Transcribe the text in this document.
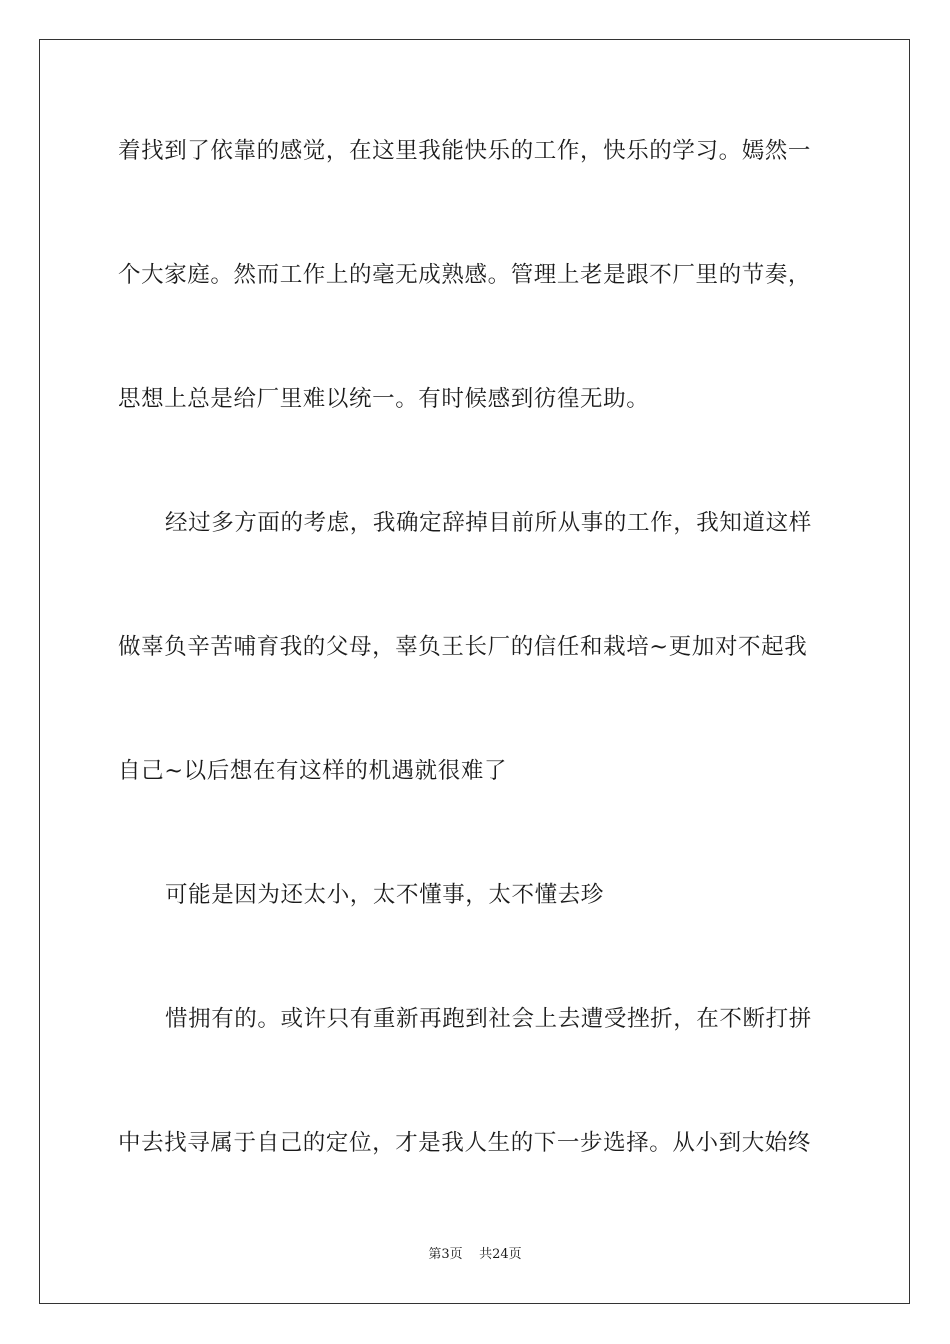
着找到了依靠的感觉，在这里我能快乐的工作，快乐的学习。嫣然一
个大家庭。然而工作上的毫无成熟感。管理上老是跟不厂里的节奏，
思想上总是给厂里难以统一。有时候感到彷徨无助。
经过多方面的考虑，我确定辞掉目前所从事的工作，我知道这样
做辜负辛苦哺育我的父母，辜负王长厂的信任和栽培~更加对不起我
自己~以后想在有这样的机遇就很难了
可能是因为还太小，太不懂事，太不懂去珍
惜拥有的。或许只有重新再跑到社会上去遭受挫折，在不断打拼
中去找寻属于自己的定位，才是我人生的下一步选择。从小到大始终
第3页    共24页
